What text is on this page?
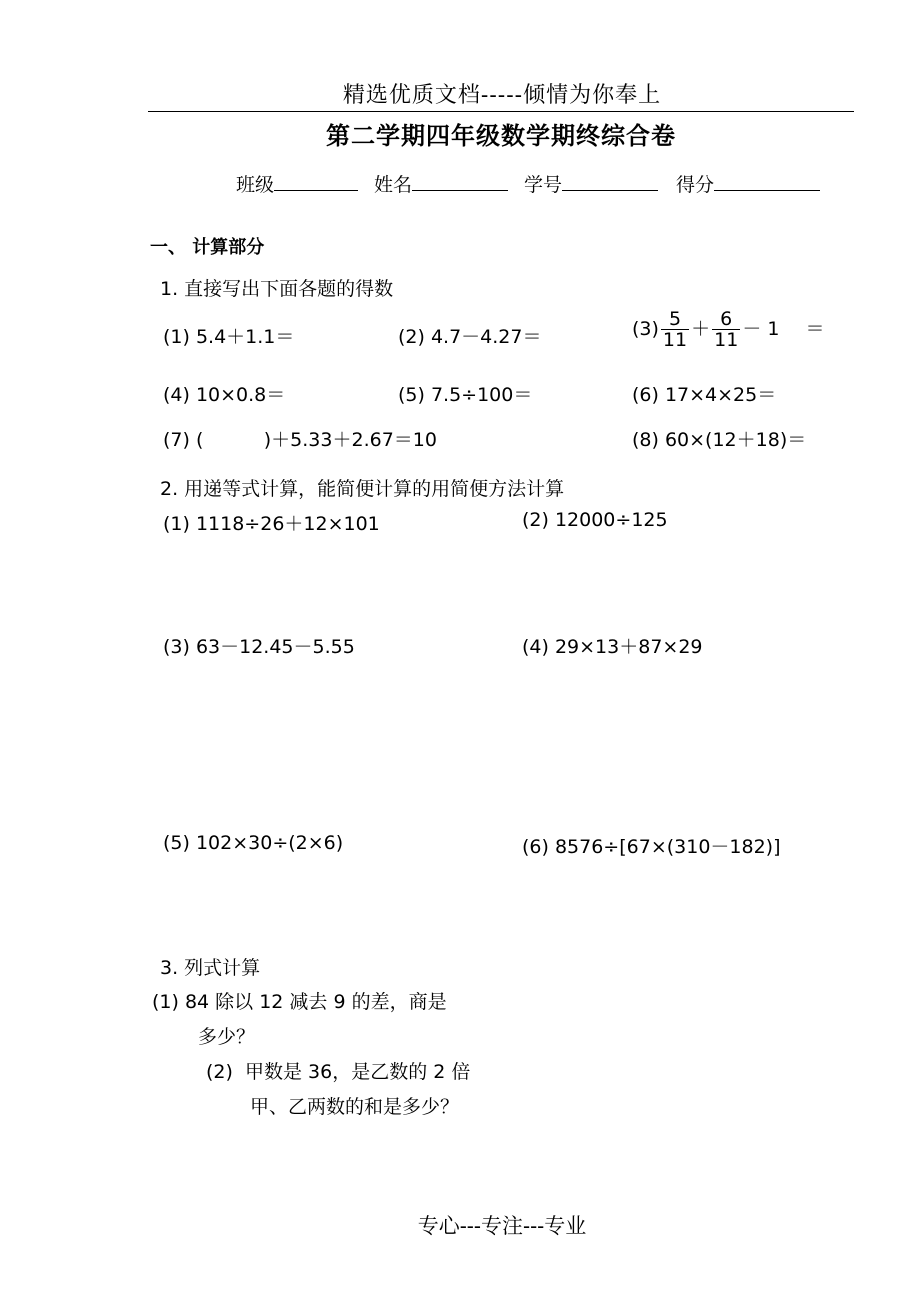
精选优质文档-----倾情为你奉上
第二学期四年级数学期终综合卷
班级	姓名	学号	得分
一、 计算部分
1. 直接写出下面各题的得数
(1) 5.4＋1.1＝	(2) 4.7－4.27＝	$(3) \frac{5}{11} + \frac{6}{11} - 1$ ＝
(4) 10×0.8＝	(5) 7.5÷100＝	(6) 17×4×25＝
(7) (          )＋5.33＋2.67＝10	(8) 60×(12＋18)＝
2. 用递等式计算，能简便计算的用简便方法计算
(1) 1118÷26＋12×101	(2) 12000÷125
(3) 63－12.45－5.55	(4) 29×13＋87×29
(5) 102×30÷(2×6)	(6) 8576÷[67×(310－182)]
3. 列式计算
(1) 84 除以 12 减去 9 的差，商是
多少？
(2)  甲数是 36，是乙数的 2 倍
甲、乙两数的和是多少？
专心---专注---专业
